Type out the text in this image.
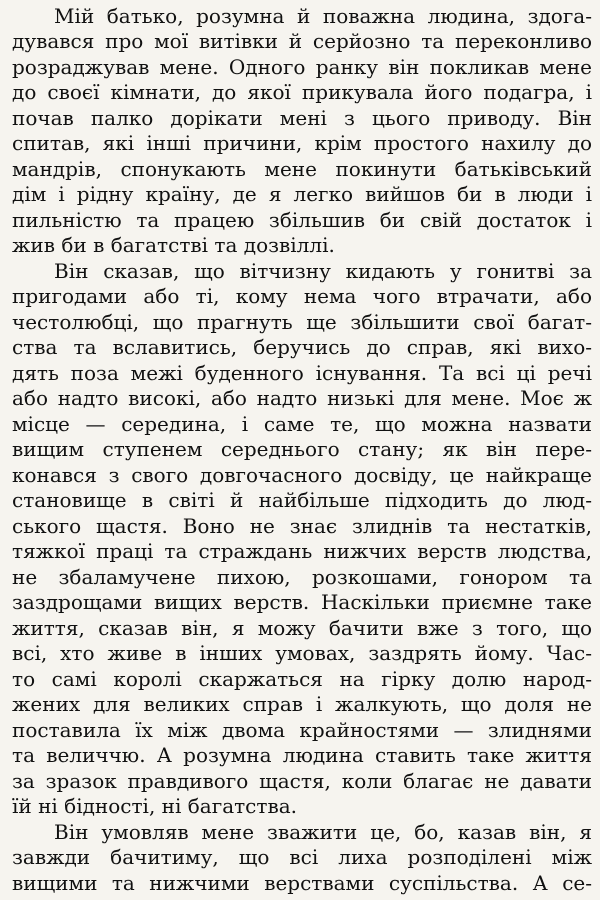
Мій батько, розумна й поважна людина, здога-
дувався про мої витівки й серйозно та переконливо
розраджував мене. Одного ранку він покликав мене
до своєї кімнати, до якої прикувала його подагра, і
почав палко дорікати мені з цього приводу. Він
спитав, які інші причини, крім простого нахилу до
мандрів, спонукають мене покинути батьківський
дім і рідну країну, де я легко вийшов би в люди і
пильністю та працею збільшив би свій достаток і
жив би в багатстві та дозвіллі.
Він сказав, що вітчизну кидають у гонитві за
пригодами або ті, кому нема чого втрачати, або
честолюбці, що прагнуть ще збільшити свої багат-
ства та вславитись, беручись до справ, які вихо-
дять поза межі буденного існування. Та всі ці речі
або надто високі, або надто низькі для мене. Моє ж
місце — середина, і саме те, що можна назвати
вищим ступенем середнього стану; як він пере-
конався з свого довгочасного досвіду, це найкраще
становище в світі й найбільше підходить до люд-
ського щастя. Воно не знає злиднів та нестатків,
тяжкої праці та страждань нижчих верств людства,
не збаламучене пихою, розкошами, гонором та
заздрощами вищих верств. Наскільки приємне таке
життя, сказав він, я можу бачити вже з того, що
всі, хто живе в інших умовах, заздрять йому. Час-
то самі королі скаржаться на гірку долю народ-
жених для великих справ і жалкують, що доля не
поставила їх між двома крайностями — злиднями
та величчю. А розумна людина ставить таке життя
за зразок правдивого щастя, коли благає не давати
їй ні бідності, ні багатства.
Він умовляв мене зважити це, бо, казав він, я
завжди бачитиму, що всі лиха розподілені між
вищими та нижчими верствами суспільства. А се-
